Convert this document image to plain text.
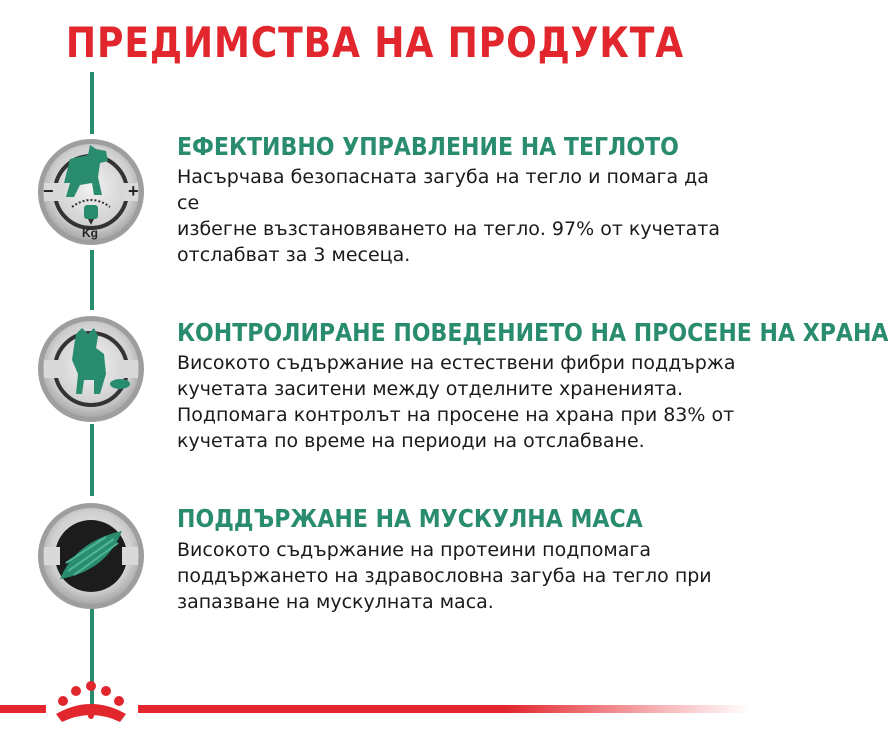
ПРЕДИМСТВА НА ПРОДУКТА
−	+
Kg
ЕФЕКТИВНО УПРАВЛЕНИЕ НА ТЕГЛОТО
Насърчава безопасната загуба на тегло и помага да се
избегне възстановяването на тегло. 97% от кучетата
отслабват за 3 месеца.
КОНТРОЛИРАНЕ ПОВЕДЕНИЕТО НА ПРОСЕНЕ НА ХРАНА
Високото съдържание на естествени фибри поддържа
кучетата заситени между отделните храненията.
Подпомага контролът на просене на храна при 83% от
кучетата по време на периоди на отслабване.
ПОДДЪРЖАНЕ НА МУСКУЛНА МАСА
Високото съдържание на протеини подпомага
поддържането на здравословна загуба на тегло при
запазване на мускулната маса.
